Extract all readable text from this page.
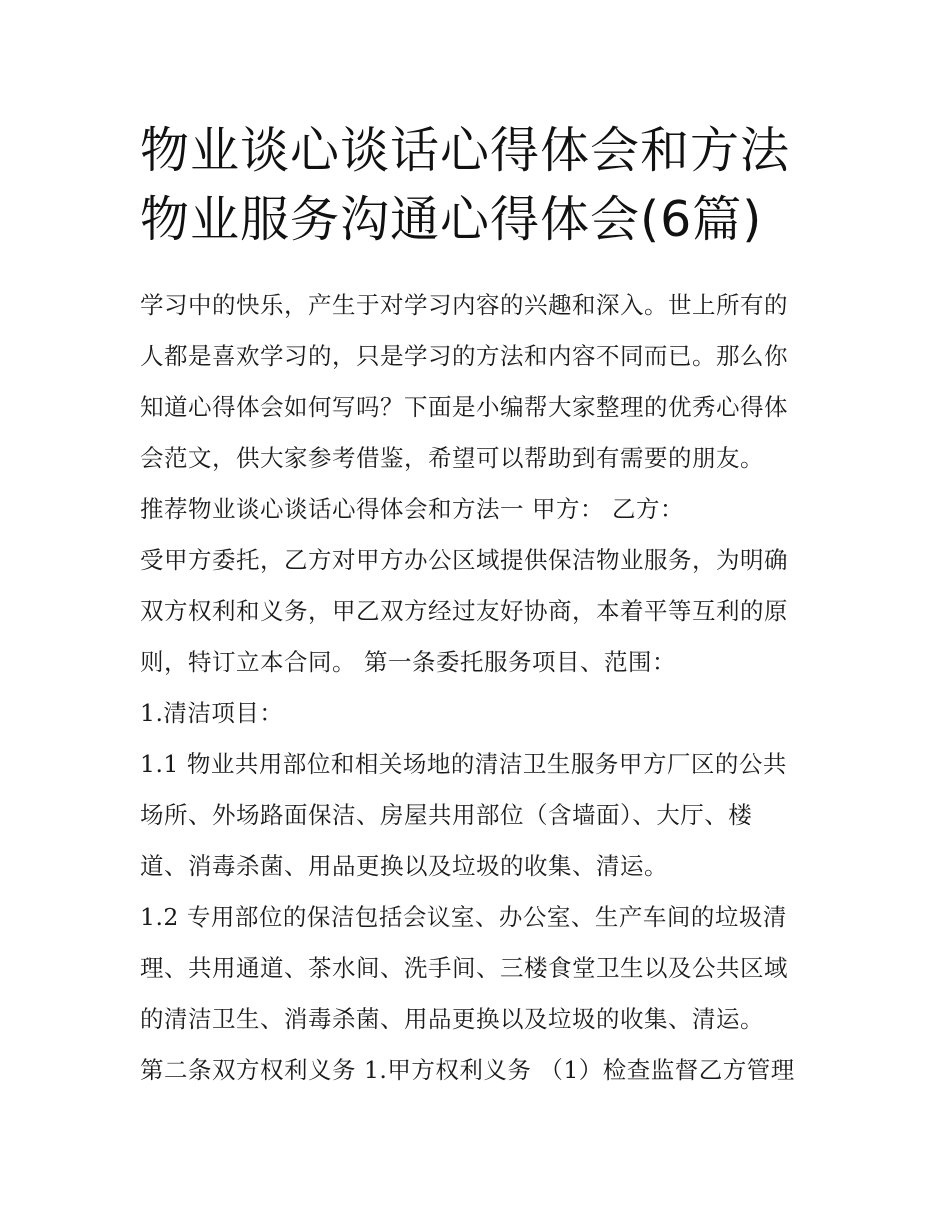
物业谈心谈话心得体会和方法
物业服务沟通心得体会(6篇)

学习中的快乐，产生于对学习内容的兴趣和深入。世上所有的
人都是喜欢学习的，只是学习的方法和内容不同而已。那么你
知道心得体会如何写吗？下面是小编帮大家整理的优秀心得体
会范文，供大家参考借鉴，希望可以帮助到有需要的朋友。

推荐物业谈心谈话心得体会和方法一 甲方： 乙方：

受甲方委托，乙方对甲方办公区域提供保洁物业服务，为明确
双方权利和义务，甲乙双方经过友好协商，本着平等互利的原
则，特订立本合同。 第一条委托服务项目、范围：

1.清洁项目：

1.1 物业共用部位和相关场地的清洁卫生服务甲方厂区的公共
场所、外场路面保洁、房屋共用部位（含墙面）、大厅、楼
道、消毒杀菌、用品更换以及垃圾的收集、清运。

1.2 专用部位的保洁包括会议室、办公室、生产车间的垃圾清
理、共用通道、茶水间、洗手间、三楼食堂卫生以及公共区域
的清洁卫生、消毒杀菌、用品更换以及垃圾的收集、清运。

第二条双方权利义务 1.甲方权利义务 （1）检查监督乙方管理
